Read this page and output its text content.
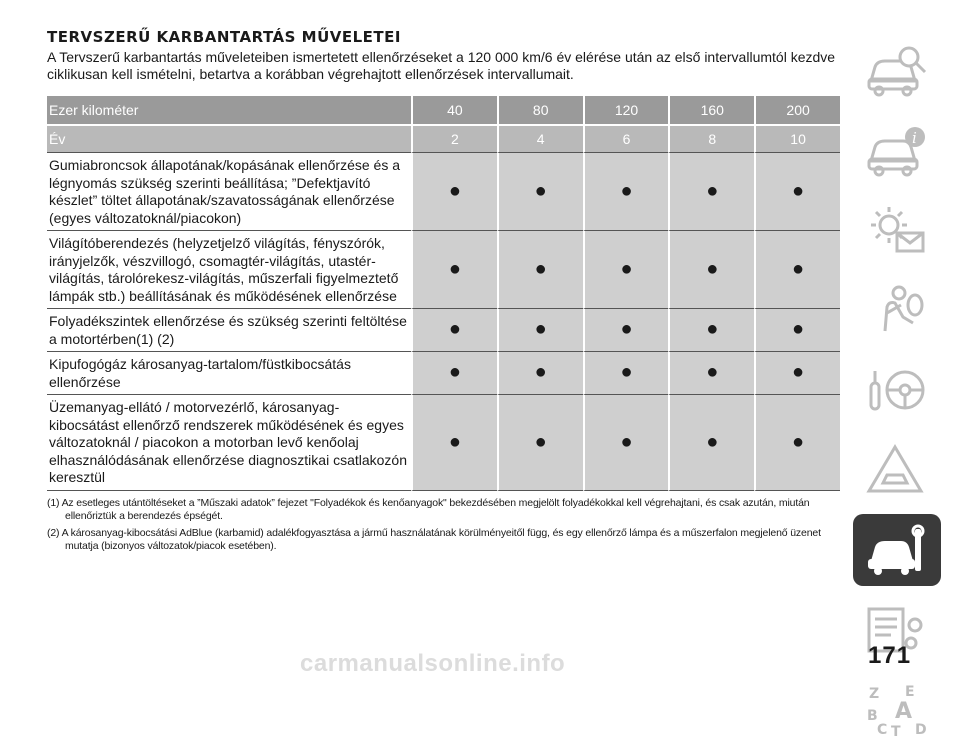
TERVSZERŰ KARBANTARTÁS MŰVELETEI

A Tervszerű karbantartás műveleteiben ismertetett ellenőrzéseket a 120 000 km/6 év elérése után az első intervallumtól kezdve ciklikusan kell ismételni, betartva a korábban végrehajtott ellenőrzések intervallumait.

Ezer kilométer	40	80	120	160	200
Év	2	4	6	8	10
Gumiabroncsok állapotának/kopásának ellenőrzése és a légnyomás szükség szerinti beállítása; ”Defektjavító készlet” töltet állapotának/szavatosságának ellenőrzése (egyes változatoknál/piacokon)	●	●	●	●	●
Világítóberendezés (helyzetjelző világítás, fényszórók, irányjelzők, vészvillogó, csomagtér-világítás, utastér-világítás, tárolórekesz-világítás, műszerfali figyelmeztető lámpák stb.) beállításának és működésének ellenőrzése	●	●	●	●	●
Folyadékszintek ellenőrzése és szükség szerinti feltöltése a motortérben(1) (2)	●	●	●	●	●
Kipufogógáz károsanyag-tartalom/füstkibocsátás ellenőrzése	●	●	●	●	●
Üzemanyag-ellátó / motorvezérlő, károsanyag-kibocsátást ellenőrző rendszerek működésének és egyes változatoknál / piacokon a motorban levő kenőolaj elhasználódásának ellenőrzése diagnosztikai csatlakozón keresztül	●	●	●	●	●

(1) Az esetleges utántöltéseket a ”Műszaki adatok” fejezet "Folyadékok és kenőanyagok" bekezdésében megjelölt folyadékokkal kell végrehajtani, és csak azután, miután ellenőriztük a berendezés épségét.

(2) A károsanyag-kibocsátási AdBlue (karbamid) adalékfogyasztása a jármű használatának körülményeitől függ, és egy ellenőrző lámpa és a műszerfalon megjelenő üzenet mutatja (bizonyos változatok/piacok esetében).

i
Z E
A
B
C T D
171
carmanualsonline.info
